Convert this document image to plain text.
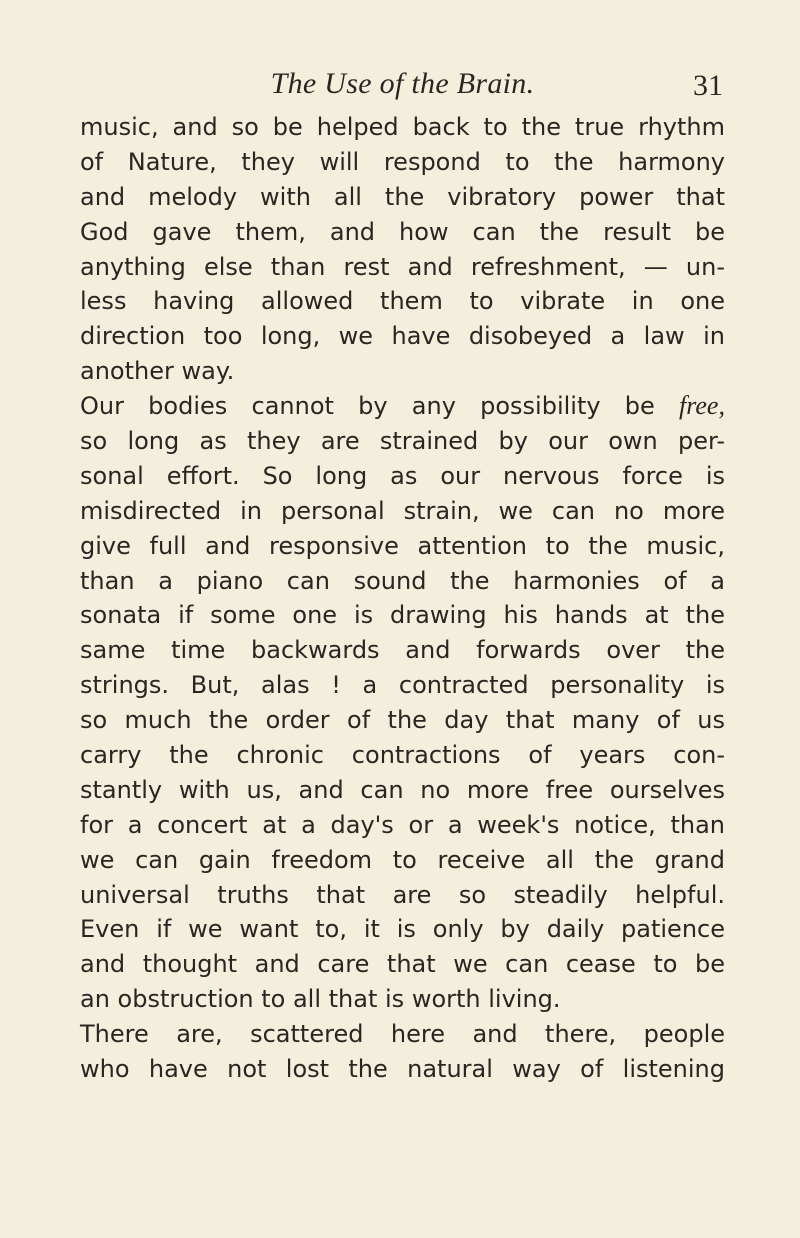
The Use of the Brain.	31
music, and so be helped back to the true rhythm
of Nature, they will respond to the harmony
and melody with all the vibratory power that
God gave them, and how can the result be
anything else than rest and refreshment, — un-
less having allowed them to vibrate in one
direction too long, we have disobeyed a law in
another way.
Our bodies cannot by any possibility be free,
so long as they are strained by our own per-
sonal effort. So long as our nervous force is
misdirected in personal strain, we can no more
give full and responsive attention to the music,
than a piano can sound the harmonies of a
sonata if some one is drawing his hands at the
same time backwards and forwards over the
strings. But, alas ! a contracted personality is
so much the order of the day that many of us
carry the chronic contractions of years con-
stantly with us, and can no more free ourselves
for a concert at a day's or a week's notice, than
we can gain freedom to receive all the grand
universal truths that are so steadily helpful.
Even if we want to, it is only by daily patience
and thought and care that we can cease to be
an obstruction to all that is worth living.
There are, scattered here and there, people
who have not lost the natural way of listening
